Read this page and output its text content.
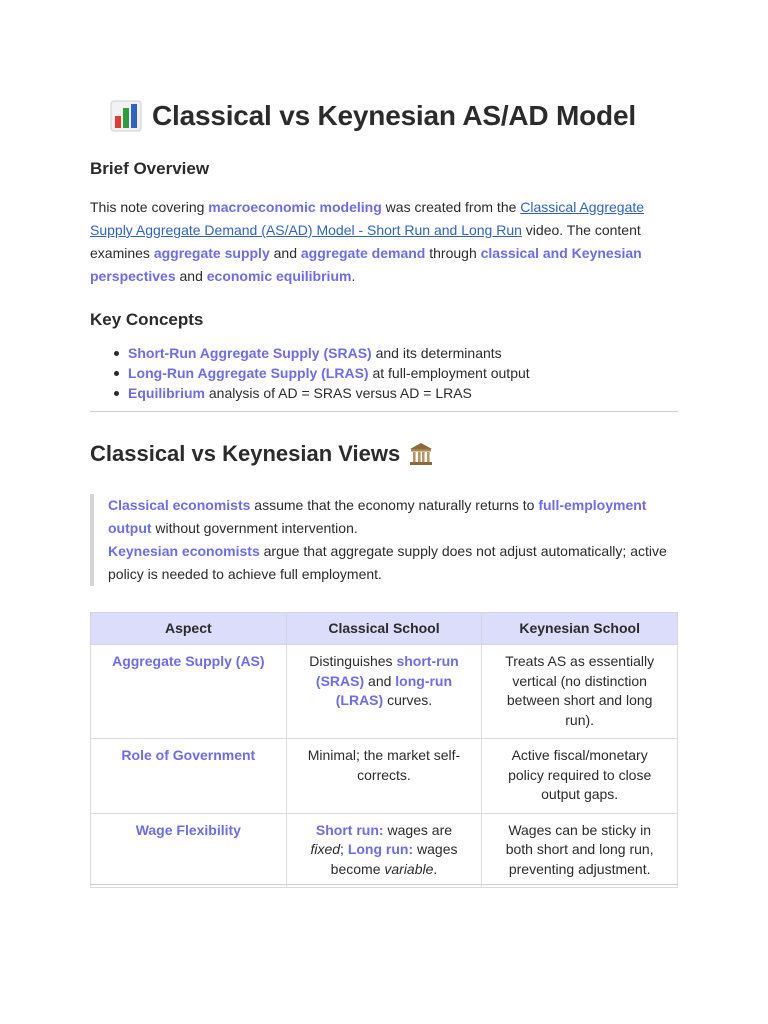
Classical vs Keynesian AS/AD Model
Brief Overview

This note covering macroeconomic modeling was created from the Classical Aggregate Supply Aggregate Demand (AS/AD) Model - Short Run and Long Run video. The content examines aggregate supply and aggregate demand through classical and Keynesian perspectives and economic equilibrium.

Key Concepts
Short-Run Aggregate Supply (SRAS) and its determinants
Long-Run Aggregate Supply (LRAS) at full-employment output
Equilibrium analysis of AD = SRAS versus AD = LRAS
Classical vs Keynesian Views
Classical economists assume that the economy naturally returns to full-employment output without government intervention.
Keynesian economists argue that aggregate supply does not adjust automatically; active policy is needed to achieve full employment.
Aspect	Classical School	Keynesian School
Aggregate Supply (AS)	Distinguishes short-run (SRAS) and long-run (LRAS) curves.	Treats AS as essentially vertical (no distinction between short and long run).
Role of Government	Minimal; the market self-corrects.	Active fiscal/monetary policy required to close output gaps.
Wage Flexibility	Short run: wages are fixed; Long run: wages become variable.	Wages can be sticky in both short and long run, preventing adjustment.
